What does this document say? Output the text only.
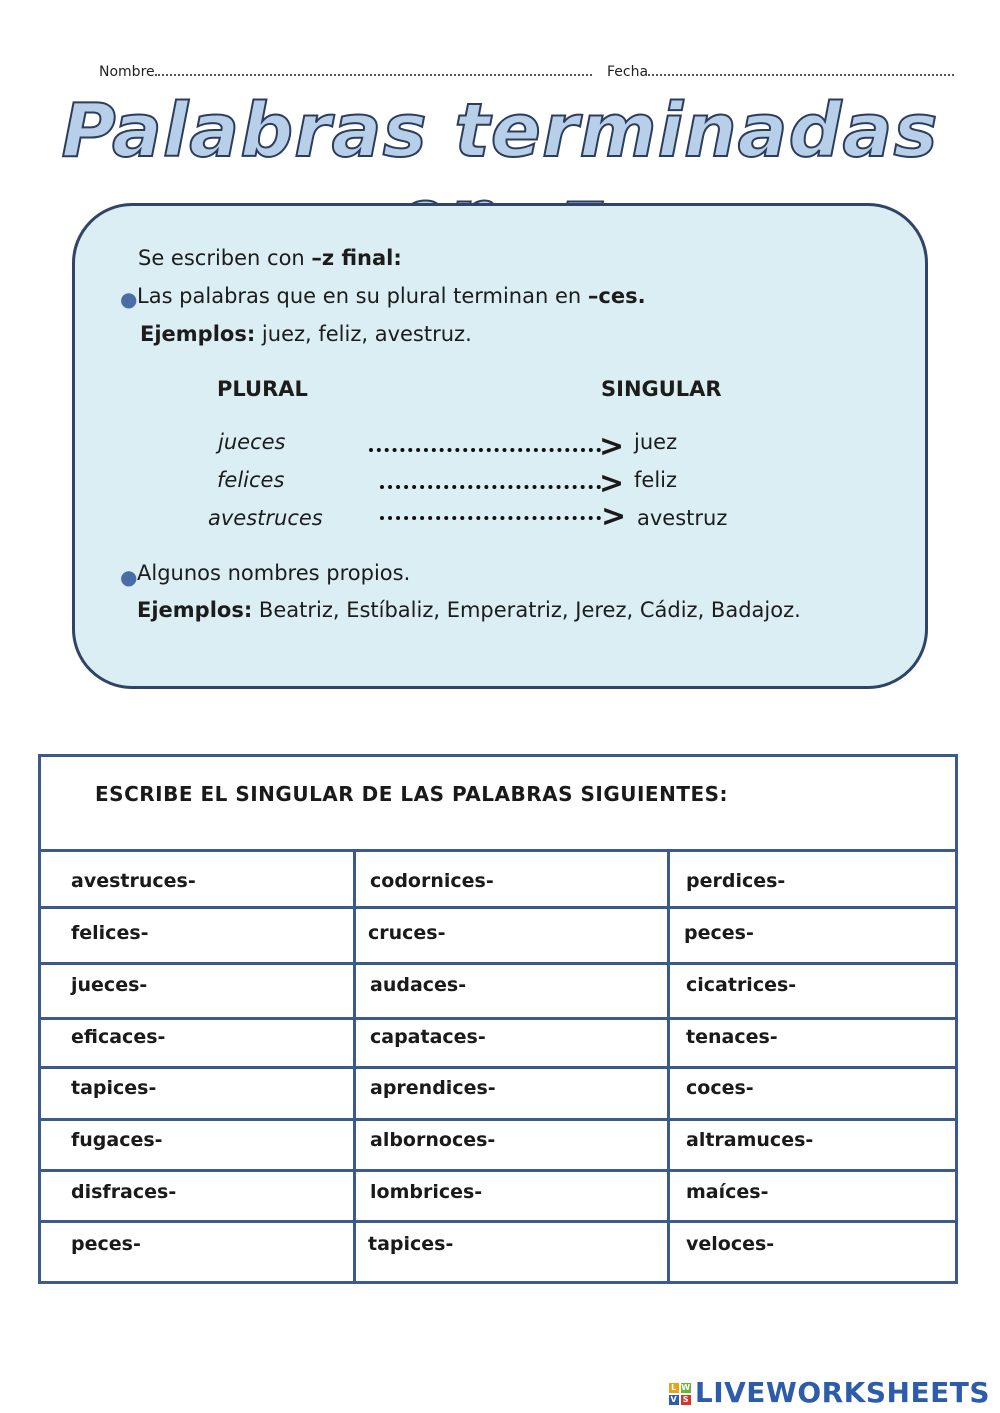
Nombre	Fecha
Palabras terminadas
Se escriben con –z final:
● Las palabras que en su plural terminan en –ces.
Ejemplos: juez, feliz, avestruz.
PLURAL	SINGULAR
jueces	> juez
felices	> feliz
avestruces	> avestruz
● Algunos nombres propios.
Ejemplos: Beatriz, Estíbaliz, Emperatriz, Jerez, Cádiz, Badajoz.
ESCRIBE EL SINGULAR DE LAS PALABRAS SIGUIENTES:
avestruces-	codornices-	perdices-
felices-	cruces-	peces-
jueces-	audaces-	cicatrices-
eficaces-	capataces-	tenaces-
tapices-	aprendices-	coces-
fugaces-	albornoces-	altramuces-
disfraces-	lombrices-	maíces-
peces-	tapices-	veloces-
L W
V S LIVEWORKSHEETS
